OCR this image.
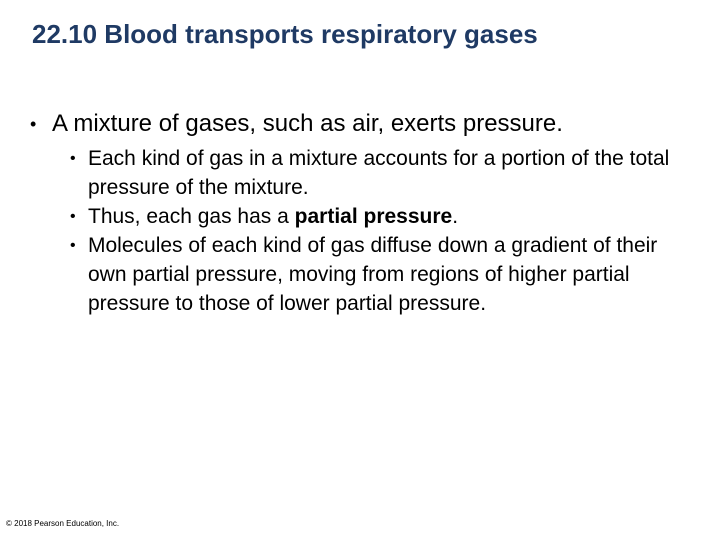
22.10 Blood transports respiratory gases
• A mixture of gases, such as air, exerts pressure.
• Each kind of gas in a mixture accounts for a portion of the total pressure of the mixture.
• Thus, each gas has a partial pressure.
• Molecules of each kind of gas diffuse down a gradient of their own partial pressure, moving from regions of higher partial pressure to those of lower partial pressure.
© 2018 Pearson Education, Inc.
